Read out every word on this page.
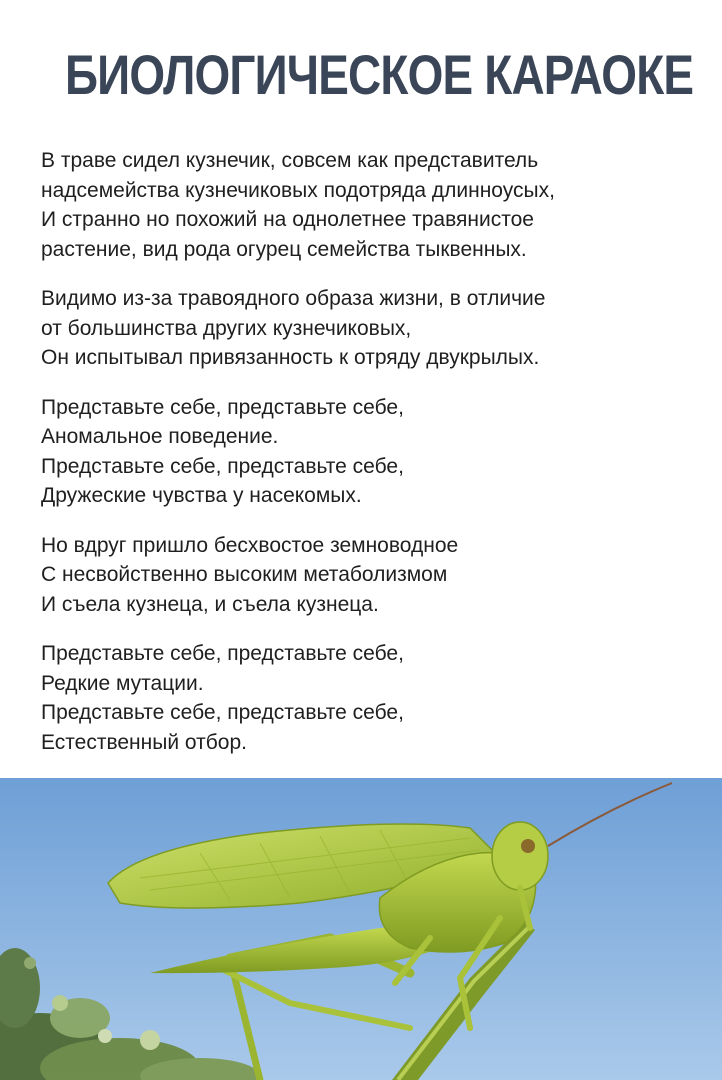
БИОЛОГИЧЕСКОЕ КАРАОКЕ
В траве сидел кузнечик, совсем как представитель
надсемейства кузнечиковых подотряда длинноусых,
И странно но похожий на однолетнее травянистое
растение, вид рода огурец семейства тыквенных.
Видимо из-за травоядного образа жизни, в отличие
от большинства других кузнечиковых,
Он испытывал привязанность к отряду двукрылых.
Представьте себе, представьте себе,
Аномальное поведение.
Представьте себе, представьте себе,
Дружеские чувства у насекомых.
Но вдруг пришло бесхвостое земноводное
С несвойственно высоким метаболизмом
И съела кузнеца, и съела кузнеца.
Представьте себе, представьте себе,
Редкие мутации.
Представьте себе, представьте себе,
Естественный отбор.
